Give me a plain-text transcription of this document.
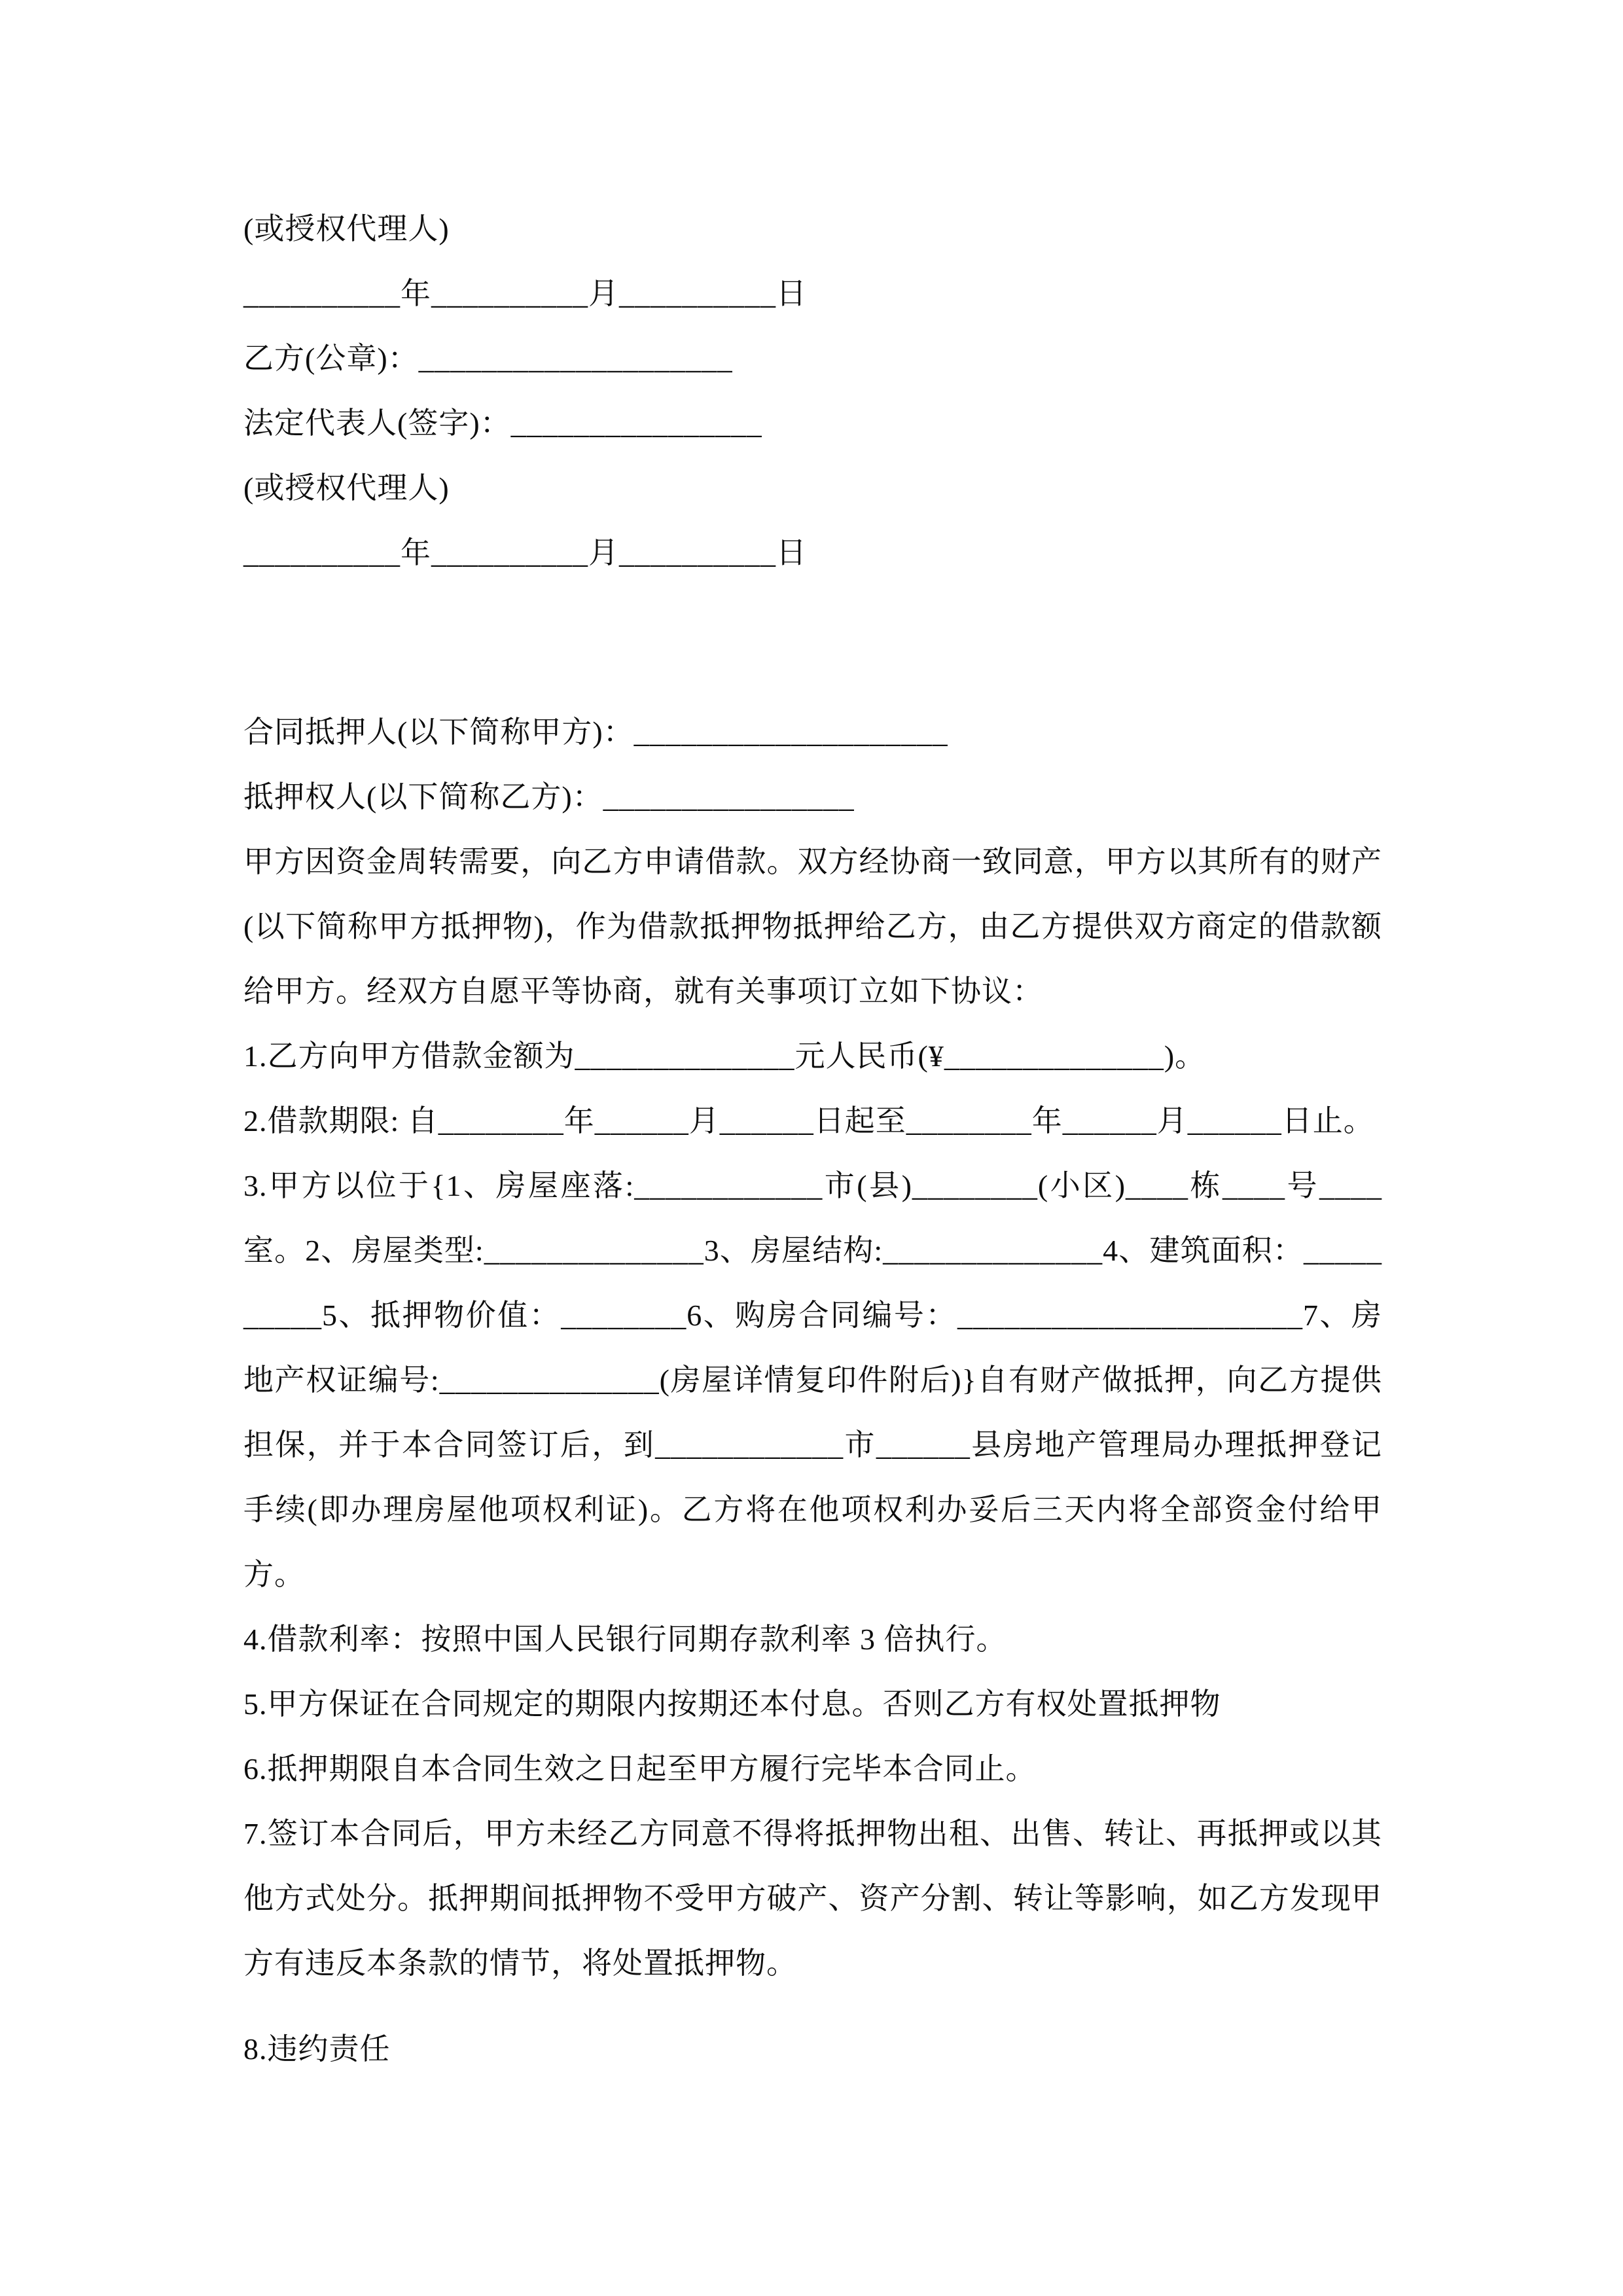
(或授权代理人)

__________年__________月__________日

乙方(公章)：____________________

法定代表人(签字)：________________

(或授权代理人)

__________年__________月__________日

合同抵押人(以下简称甲方)：____________________

抵押权人(以下简称乙方)：________________

甲方因资金周转需要，向乙方申请借款。双方经协商一致同意，甲方以其所有的财产(以下简称甲方抵押物)，作为借款抵押物抵押给乙方，由乙方提供双方商定的借款额给甲方。经双方自愿平等协商，就有关事项订立如下协议：

1.乙方向甲方借款金额为______________元人民币(¥______________)。

2.借款期限: 自________年______月______日起至________年______月______日止。

3.甲方以位于{1、房屋座落:____________市(县)________(小区)____栋____号____室。2、房屋类型:______________3、房屋结构:______________4、建筑面积：__________5、抵押物价值：________6、购房合同编号：______________________7、房地产权证编号:______________(房屋详情复印件附后)}自有财产做抵押，向乙方提供担保，并于本合同签订后，到____________市______县房地产管理局办理抵押登记手续(即办理房屋他项权利证)。乙方将在他项权利办妥后三天内将全部资金付给甲方。

4.借款利率：按照中国人民银行同期存款利率 3 倍执行。

5.甲方保证在合同规定的期限内按期还本付息。否则乙方有权处置抵押物

6.抵押期限自本合同生效之日起至甲方履行完毕本合同止。

7.签订本合同后，甲方未经乙方同意不得将抵押物出租、出售、转让、再抵押或以其他方式处分。抵押期间抵押物不受甲方破产、资产分割、转让等影响，如乙方发现甲方有违反本条款的情节，将处置抵押物。

8.违约责任
